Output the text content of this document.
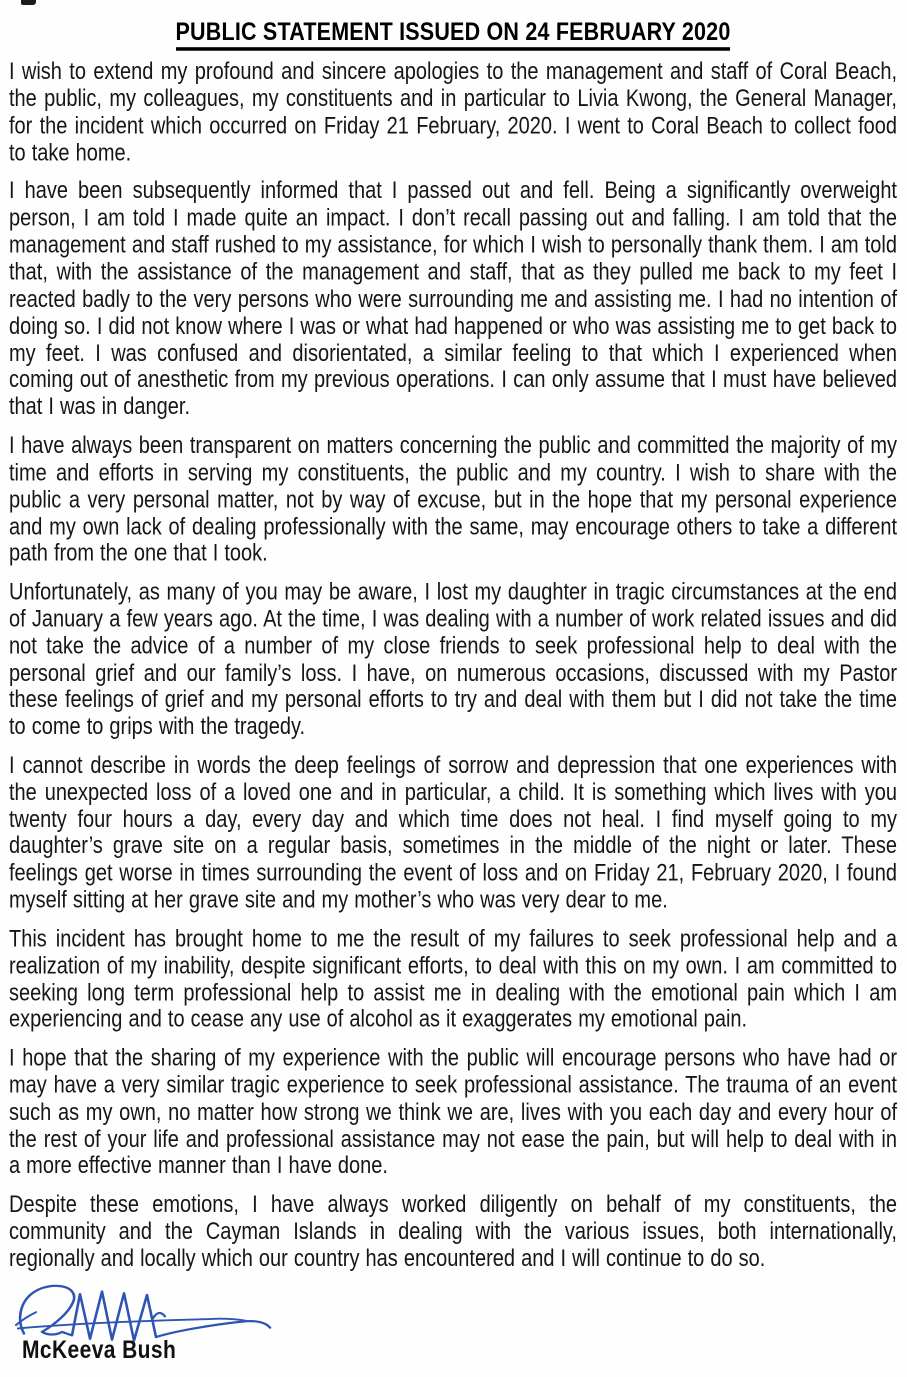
PUBLIC STATEMENT ISSUED ON 24 FEBRUARY 2020

I wish to extend my profound and sincere apologies to the management and staff of Coral Beach, the public, my colleagues, my constituents and in particular to Livia Kwong, the General Manager, for the incident which occurred on Friday 21 February, 2020. I went to Coral Beach to collect food to take home.

I have been subsequently informed that I passed out and fell. Being a significantly overweight person, I am told I made quite an impact. I don’t recall passing out and falling. I am told that the management and staff rushed to my assistance, for which I wish to personally thank them. I am told that, with the assistance of the management and staff, that as they pulled me back to my feet I reacted badly to the very persons who were surrounding me and assisting me. I had no intention of doing so. I did not know where I was or what had happened or who was assisting me to get back to my feet. I was confused and disorientated, a similar feeling to that which I experienced when coming out of anesthetic from my previous operations. I can only assume that I must have believed that I was in danger.

I have always been transparent on matters concerning the public and committed the majority of my time and efforts in serving my constituents, the public and my country. I wish to share with the public a very personal matter, not by way of excuse, but in the hope that my personal experience and my own lack of dealing professionally with the same, may encourage others to take a different path from the one that I took.

Unfortunately, as many of you may be aware, I lost my daughter in tragic circumstances at the end of January a few years ago. At the time, I was dealing with a number of work related issues and did not take the advice of a number of my close friends to seek professional help to deal with the personal grief and our family’s loss. I have, on numerous occasions, discussed with my Pastor these feelings of grief and my personal efforts to try and deal with them but I did not take the time to come to grips with the tragedy.

I cannot describe in words the deep feelings of sorrow and depression that one experiences with the unexpected loss of a loved one and in particular, a child. It is something which lives with you twenty four hours a day, every day and which time does not heal. I find myself going to my daughter’s grave site on a regular basis, sometimes in the middle of the night or later. These feelings get worse in times surrounding the event of loss and on Friday 21, February 2020, I found myself sitting at her grave site and my mother’s who was very dear to me.

This incident has brought home to me the result of my failures to seek professional help and a realization of my inability, despite significant efforts, to deal with this on my own. I am committed to seeking long term professional help to assist me in dealing with the emotional pain which I am experiencing and to cease any use of alcohol as it exaggerates my emotional pain.

I hope that the sharing of my experience with the public will encourage persons who have had or may have a very similar tragic experience to seek professional assistance. The trauma of an event such as my own, no matter how strong we think we are, lives with you each day and every hour of the rest of your life and professional assistance may not ease the pain, but will help to deal with in a more effective manner than I have done.

Despite these emotions, I have always worked diligently on behalf of my constituents, the community and the Cayman Islands in dealing with the various issues, both internationally, regionally and locally which our country has encountered and I will continue to do so.

McKeeva Bush
